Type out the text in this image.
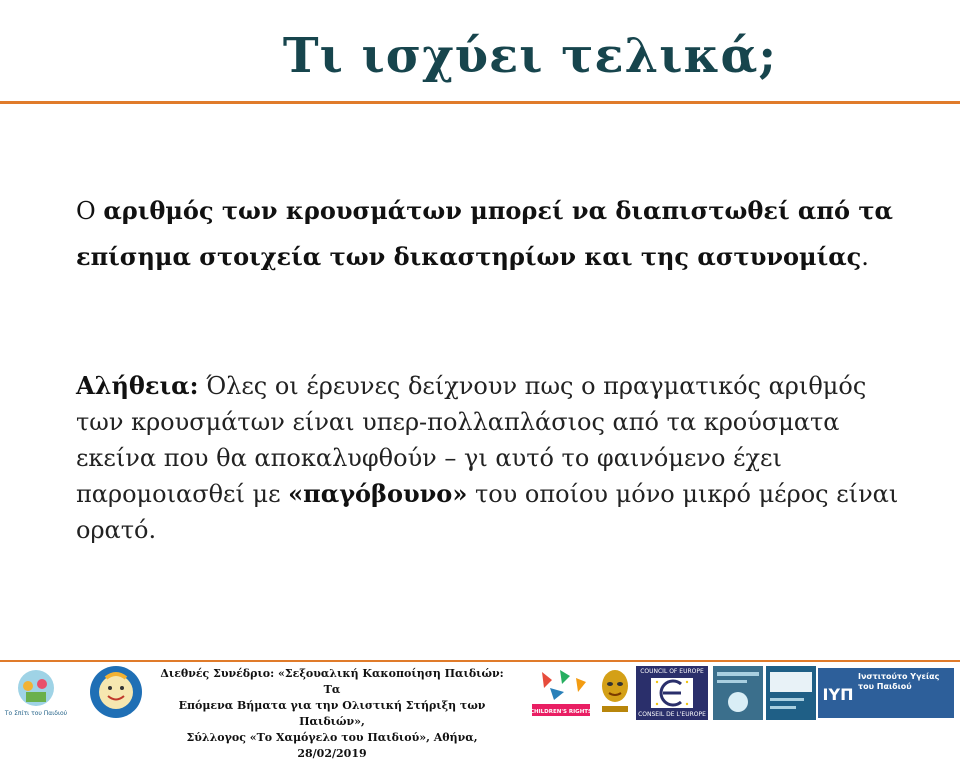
Τι ισχύει τελικά;
Ο αριθμός των κρουσμάτων μπορεί να διαπιστωθεί από τα επίσημα στοιχεία των δικαστηρίων και της αστυνομίας.
Αλήθεια: Όλες οι έρευνες δείχνουν πως ο πραγματικός αριθμός των κρουσμάτων είναι υπερ-πολλαπλάσιος από τα κρούσματα εκείνα που θα αποκαλυφθούν – γι αυτό το φαινόμενο έχει παρομοιασθεί με «παγόβουνο» του οποίου μόνο μικρό μέρος είναι ορατό.
Το Σπίτι του Παιδιού
Διεθνές Συνέδριο: «Σεξουαλική Κακοποίηση Παιδιών: Τα
Επόμενα Βήματα για την Ολιστική Στήριξη των Παιδιών»,
Σύλλογος «Το Χαμόγελο του Παιδιού», Αθήνα, 28/02/2019
CHILDREN'S RIGHTS
COUNCIL OF EUROPE
CONSEIL DE L'EUROPE
ΙΥΠ
Ινστιτούτο Υγείας του Παιδιού
